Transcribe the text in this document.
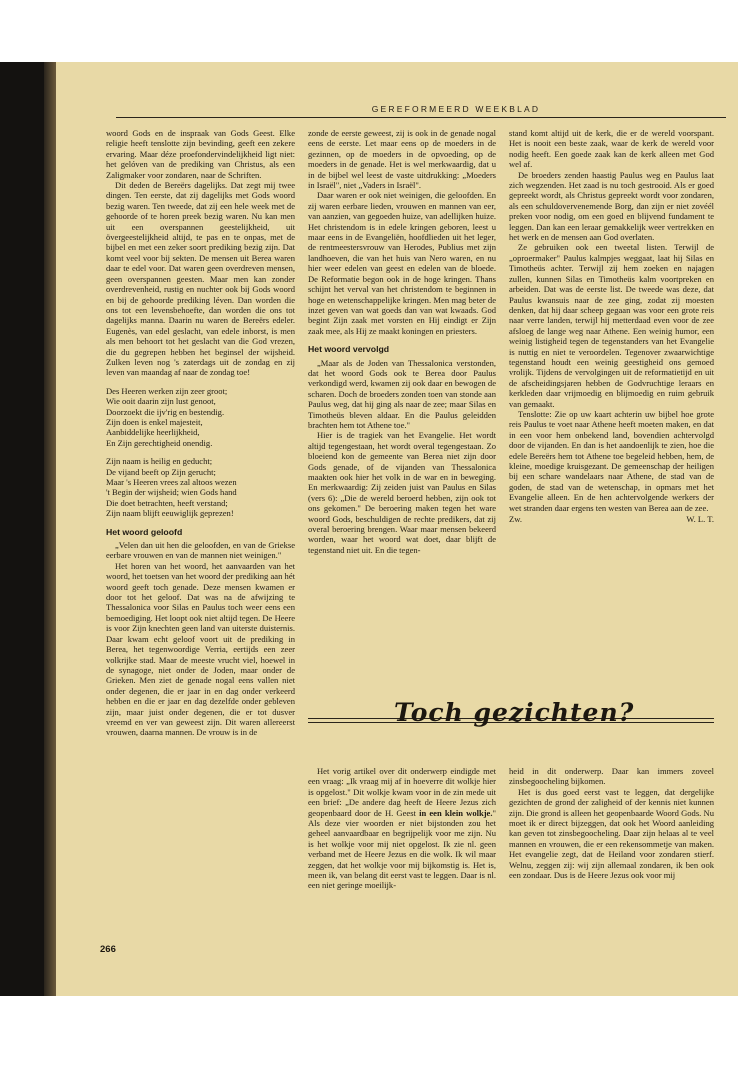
GEREFORMEERD WEEKBLAD

woord Gods en de inspraak van Gods Geest. Elke religie heeft tenslotte zijn bevinding, geeft een zekere ervaring. Maar déze proefondervindelijkheid ligt niet: het gelóven van de prediking van Christus, als een Zaligmaker voor zondaren, naar de Schriften.

Dit deden de Bereërs dagelijks. Dat zegt mij twee dingen. Ten eerste, dat zij dagelijks met Gods woord bezig waren. Ten tweede, dat zij een hele week met de gehoorde of te horen preek bezig waren. Nu kan men uit een overspannen geestelijkheid, uit övergeestelijkheid altijd, te pas en te onpas, met de bijbel en met een zeker soort prediking bezig zijn. Dat komt veel voor bij sekten. De mensen uit Berea waren daar te edel voor. Dat waren geen overdreven mensen, geen overspannen geesten. Maar men kan zonder overdrevenheid, rustig en nuchter ook bij Gods woord en bij de gehoorde prediking léven. Dan worden die ons tot een levensbehoefte, dan worden die ons tot dagelijks manna. Daarin nu waren de Bereërs edeler. Eugenès, van edel geslacht, van edele inborst, is men als men behoort tot het geslacht van die God vrezen, die du gegrepen hebben het beginsel der wijsheid. Zulken leven nog 's zaterdags uit de zondag en zij leven van maandag af naar de zondag toe!

Des Heeren werken zijn zeer groot;
Wie ooit daarin zijn lust genoot,
Doorzoekt die ijv'rig en bestendig.
Zijn doen is enkel majesteit,
Aanbiddelijke heerlijkheid,
En Zijn gerechtigheid onendig.
Zijn naam is heilig en geducht;
De vijand beeft op Zijn gerucht;
Maar 's Heeren vrees zal altoos wezen
't Begin der wijsheid; wien Gods hand
Die doet betrachten, heeft verstand;
Zijn naam blijft eeuwiglijk geprezen!
Het woord geloofd

„Velen dan uit hen die geloofden, en van de Griekse eerbare vrouwen en van de mannen niet weinigen."

Het horen van het woord, het aanvaarden van het woord, het toetsen van het woord der prediking aan hét woord geeft toch genade. Deze mensen kwamen er door tot het geloof. Dat was na de afwijzing te Thessalonica voor Silas en Paulus toch weer eens een bemoediging. Het loopt ook niet altijd tegen. De Heere is voor Zijn knechten geen land van uiterste duisternis. Daar kwam echt geloof voort uit de prediking in Berea, het tegenwoordige Verria, eertijds een zeer volkrijke stad. Maar de meeste vrucht viel, hoewel in de synagoge, niet onder de Joden, maar onder de Grieken. Men ziet de genade nogal eens vallen niet onder degenen, die er jaar in en dag onder verkeerd hebben en die er jaar en dag dezelfde onder gebleven zijn, maar juist onder degenen, die er tot dusver vreemd en ver van geweest zijn. Dit waren allereerst vrouwen, daarna mannen. De vrouw is in de

zonde de eerste geweest, zij is ook in de genade nogal eens de eerste. Let maar eens op de moeders in de gezinnen, op de moeders in de opvoeding, op de moeders in de genade. Het is wel merkwaardig, dat u in de bijbel wel leest de vaste uitdrukking: „Moeders in Israël", niet „Vaders in Israël".

Daar waren er ook niet weinigen, die geloofden. En zij waren eerbare lieden, vrouwen en mannen van eer, van aanzien, van gegoeden huize, van adellijken huize. Het christendom is in edele kringen geboren, leest u maar eens in de Evangeliën, hoofdlieden uit het leger, de rentmeestersvrouw van Herodes, Publius met zijn landhoeven, die van het huis van Nero waren, en nu hier weer edelen van geest en edelen van de bloede. De Reformatie begon ook in de hoge kringen. Thans schijnt het verval van het christendom te beginnen in hoge en wetenschappelijke kringen. Men mag beter de inzet geven van wat goeds dan van wat kwaads. God begint Zijn zaak met vorsten en Hij eindigt er Zijn zaak mee, als Hij ze maakt koningen en priesters.

Het woord vervolgd

„Maar als de Joden van Thessalonica verstonden, dat het woord Gods ook te Berea door Paulus verkondigd werd, kwamen zij ook daar en bewogen de scharen. Doch de broeders zonden toen van stonde aan Paulus weg, dat hij ging als naar de zee; maar Silas en Timotheüs bleven aldaar. En die Paulus geleidden brachten hem tot Athene toe."

Hier is de tragiek van het Evangelie. Het wordt altijd tegengestaan, het wordt overal tegengestaan. Zo bloeiend kon de gemeente van Berea niet zijn door Gods genade, of de vijanden van Thessalonica maakten ook hier het volk in de war en in beweging. En merkwaardig: Zij zeiden juist van Paulus en Silas (vers 6): „Die de wereld beroerd hebben, zijn ook tot ons gekomen." De beroering maken tegen het ware woord Gods, beschuldigen de rechte predikers, dat zij overal beroering brengen. Waar maar mensen bekeerd worden, waar het woord wat doet, daar blijft de tegenstand niet uit. En die tegen-

stand komt altijd uit de kerk, die er de wereld voorspant. Het is nooit een beste zaak, waar de kerk de wereld voor nodig heeft. Een goede zaak kan de kerk alleen met God wel af.

De broeders zenden haastig Paulus weg en Paulus laat zich wegzenden. Het zaad is nu toch gestrooid. Als er goed gepreekt wordt, als Christus gepreekt wordt voor zondaren, als een schuldovervenemende Borg, dan zijn er niet zovéél preken voor nodig, om een goed en blijvend fundament te leggen. Dan kan een leraar gemakkelijk weer vertrekken en het werk en de mensen aan God overlaten.

Ze gebruiken ook een tweetal listen. Terwijl de „oproermaker" Paulus kalmpjes weggaat, laat hij Silas en Timotheüs achter. Terwijl zij hem zoeken en najagen zullen, kunnen Silas en Timotheüs kalm voortpreken en arbeiden. Dat was de eerste list. De tweede was deze, dat Paulus kwansuis naar de zee ging, zodat zij moesten denken, dat hij daar scheep gegaan was voor een grote reis naar verre landen, terwijl hij metterdaad even voor de zee afsloeg de lange weg naar Athene. Een weinig humor, een weinig listigheid tegen de tegenstanders van het Evangelie is nuttig en niet te veroordelen. Tegenover zwaarwichtige tegenstand houdt een weinig geestigheid ons gemoed vrolijk. Tijdens de vervolgingen uit de reformatietijd en uit de afscheidingsjaren hebben de Godvruchtige leraars en kerkleden daar vrijmoedig en blijmoedig en ruim gebruik van gemaakt.

Tenslotte: Zie op uw kaart achterin uw bijbel hoe grote reis Paulus te voet naar Athene heeft moeten maken, en dat in een voor hem onbekend land, bovendien achtervolgd door de vijanden. En dan is het aandoenlijk te zien, hoe die edele Bereërs hem tot Athene toe begeleid hebben, hem, de kleine, moedige kruisgezant. De gemeenschap der heiligen bij een scharе wandelaars naar Athene, de stad van de goden, de stad van de wetenschap, in opmars met het Evangelie alleen. En de hen achtervolgende werkers der wet stranden daar ergens ten westen van Berea aan de zee.

Zw.	W. L. T.
Toch gezichten?

Het vorig artikel over dit onderwerp eindigde met een vraag: „Ik vraag mij af in hoeverre dit wolkje hier is opgelost." Dit wolkje kwam voor in de zin mede uit een brief: „De andere dag heeft de Heere Jezus zich geopenbaard door de H. Geest in een klein wolkje." Als deze vier woorden er niet bijstonden zou het geheel aanvaardbaar en begrijpelijk voor me zijn. Nu is het wolkje voor mij niet opgelost. Ik zie nl. geen verband met de Heere Jezus en die wolk. Ik wil maar zeggen, dat het wolkje voor mij bijkomstig is. Het is, meen ik, van belang dit eerst vast te leggen. Daar is nl. een niet geringe moeilijk-

heid in dit onderwerp. Daar kan immers zoveel zinsbegoocheling bijkomen.

Het is dus goed eerst vast te leggen, dat dergelijke gezichten de grond der zaligheid of der kennis niet kunnen zijn. Die grond is alleen het geopenbaarde Woord Gods. Nu moet ik er direct bijzeggen, dat ook het Woord aanleiding kan geven tot zinsbegoocheling. Daar zijn helaas al te veel mannen en vrouwen, die er een rekensommetje van maken. Het evangelie zegt, dat de Heiland voor zondaren stierf. Welnu, zeggen zij: wij zijn allemaal zondaren, ik ben ook een zondaar. Dus is de Heere Jezus ook voor mij

266
